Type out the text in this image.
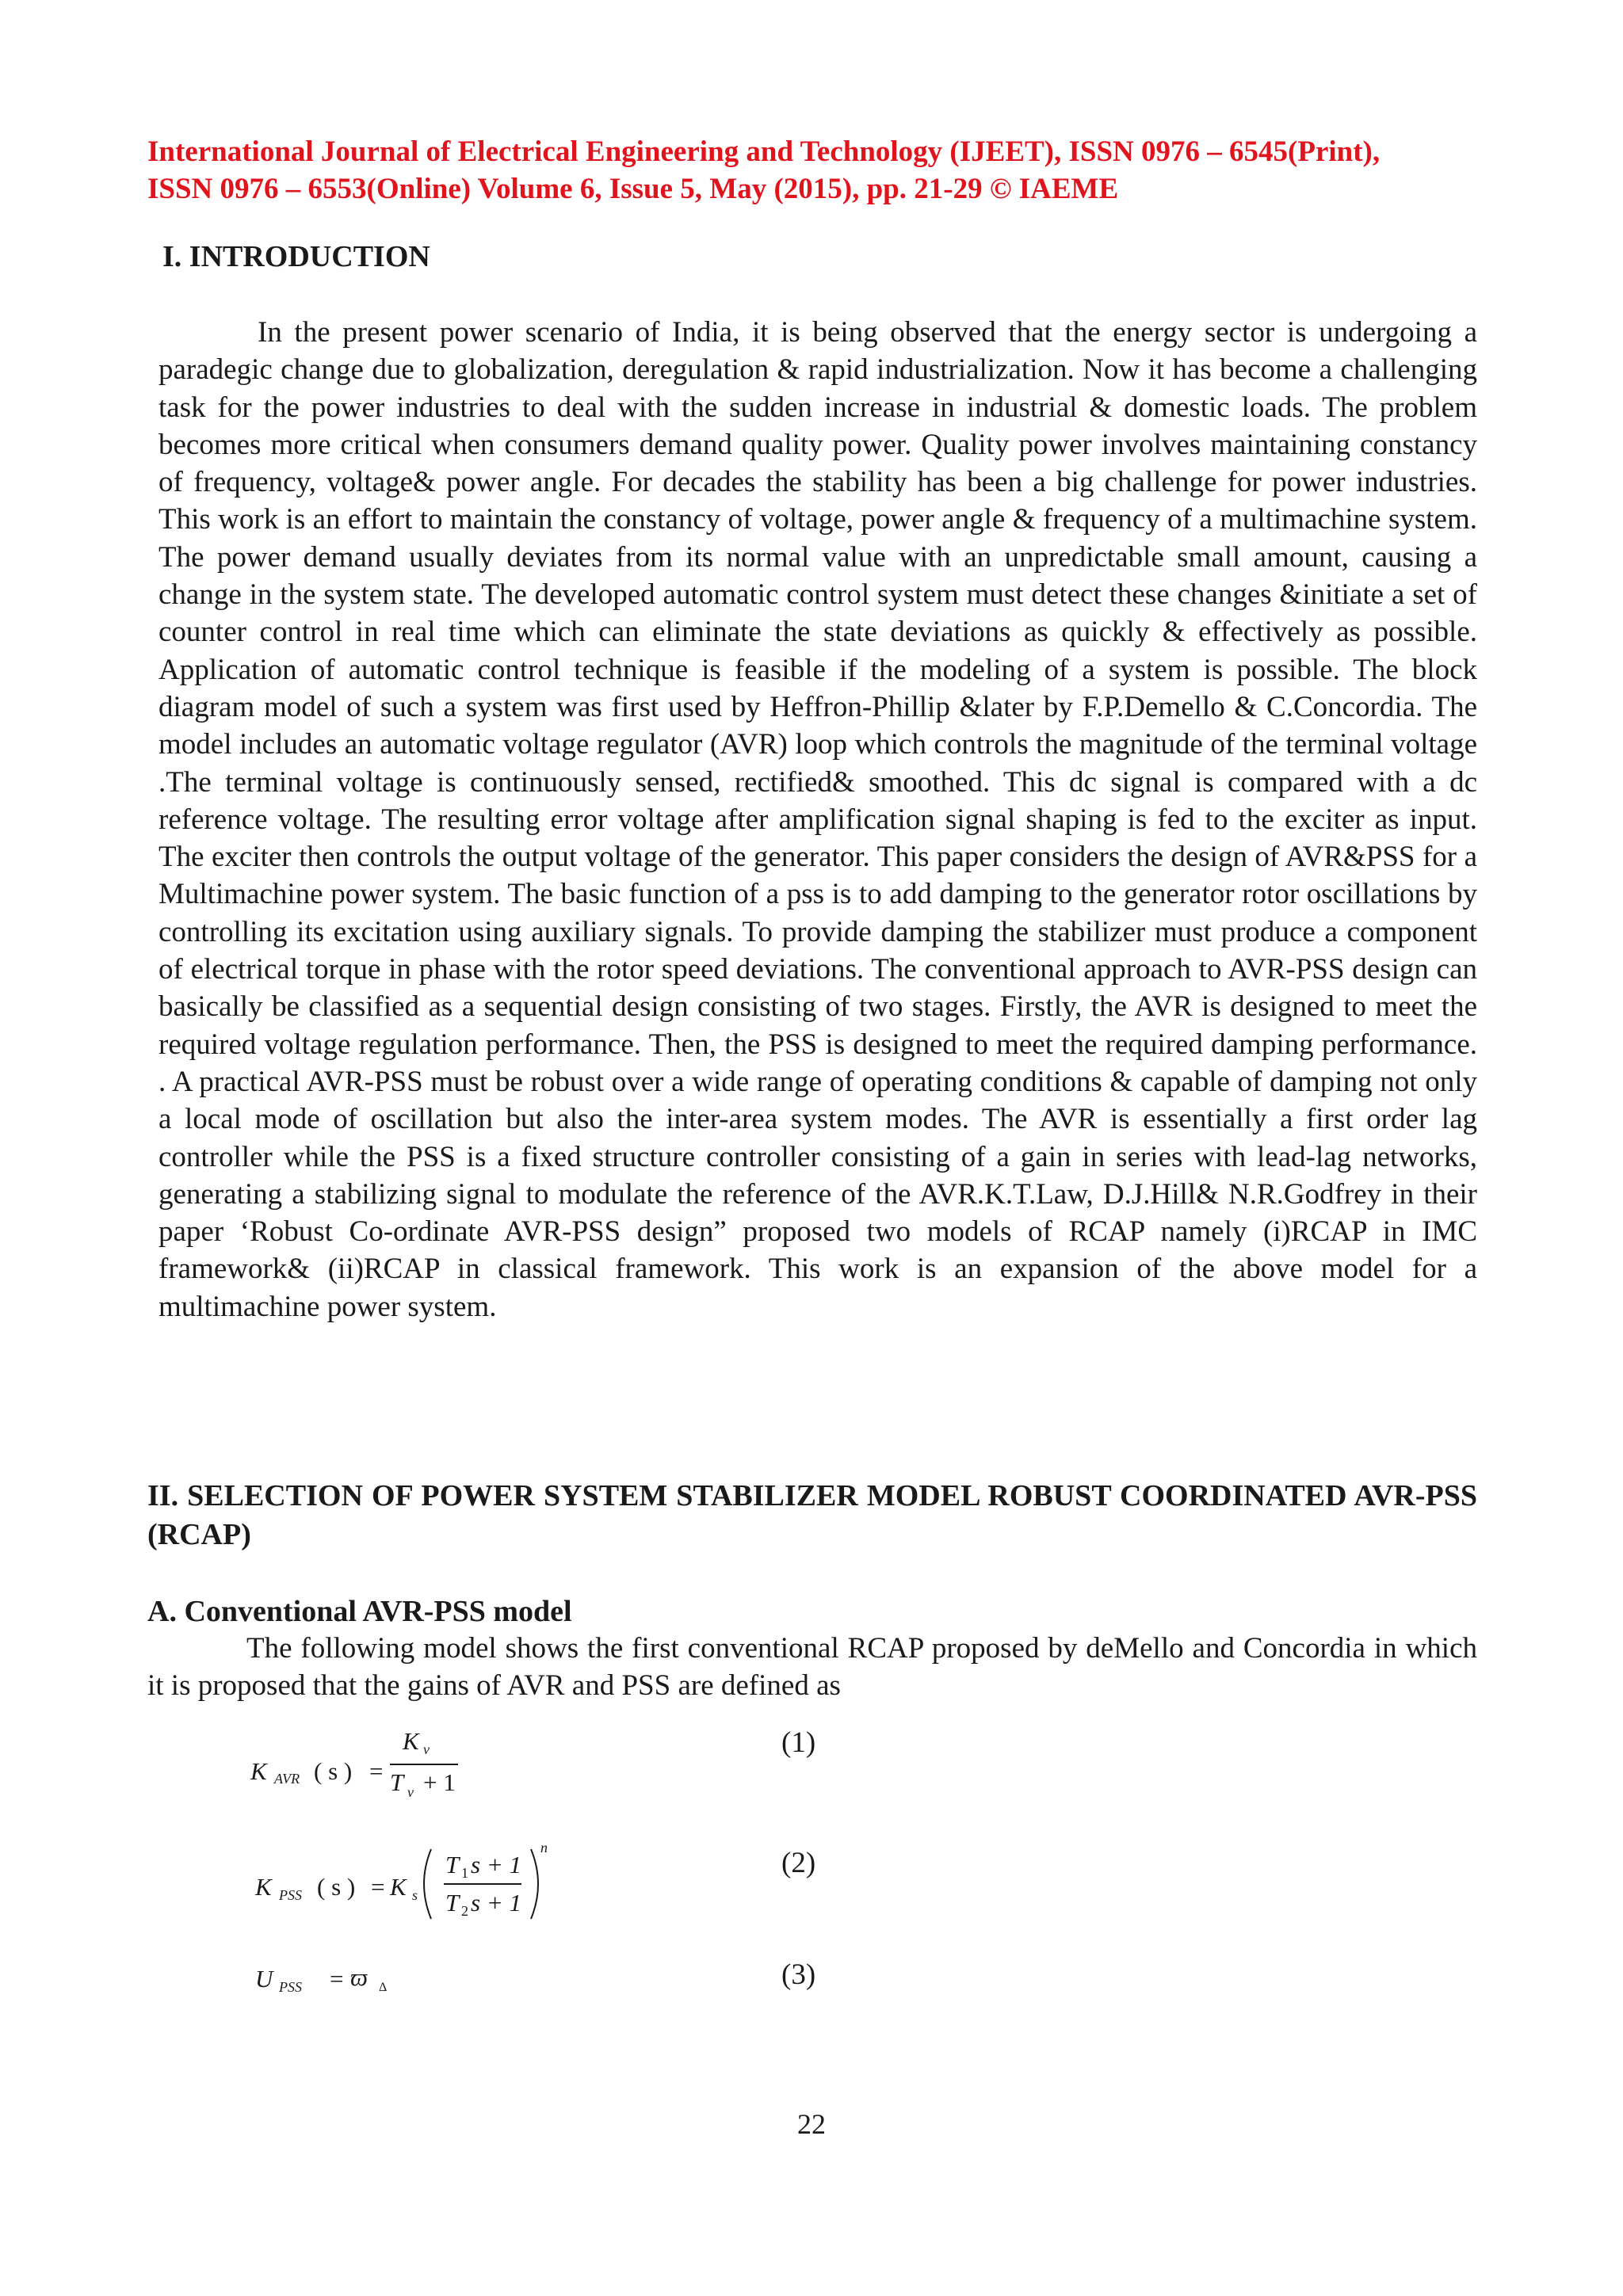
International Journal of Electrical Engineering and Technology (IJEET), ISSN 0976 – 6545(Print),
ISSN 0976 – 6553(Online) Volume 6, Issue 5, May (2015), pp. 21-29 © IAEME
I. INTRODUCTION

In the present power scenario of India, it is being observed that the energy sector is undergoing a paradegic change due to globalization, deregulation & rapid industrialization. Now it has become a challenging task for the power industries to deal with the sudden increase in industrial & domestic loads. The problem becomes more critical when consumers demand quality power. Quality power involves maintaining constancy of frequency, voltage& power angle. For decades the stability has been a big challenge for power industries. This work is an effort to maintain the constancy of voltage, power angle & frequency of a multimachine system. The power demand usually deviates from its normal value with an unpredictable small amount, causing a change in the system state. The developed automatic control system must detect these changes &initiate a set of counter control in real time which can eliminate the state deviations as quickly & effectively as possible. Application of automatic control technique is feasible if the modeling of a system is possible. The block diagram model of such a system was first used by Heffron-Phillip &later by F.P.Demello & C.Concordia. The model includes an automatic voltage regulator (AVR) loop which controls the magnitude of the terminal voltage .The terminal voltage is continuously sensed, rectified& smoothed. This dc signal is compared with a dc reference voltage. The resulting error voltage after amplification signal shaping is fed to the exciter as input. The exciter then controls the output voltage of the generator. This paper considers the design of AVR&PSS for a Multimachine power system. The basic function of a pss is to add damping to the generator rotor oscillations by controlling its excitation using auxiliary signals. To provide damping the stabilizer must produce a component of electrical torque in phase with the rotor speed deviations. The conventional approach to AVR-PSS design can basically be classified as a sequential design consisting of two stages. Firstly, the AVR is designed to meet the required voltage regulation performance. Then, the PSS is designed to meet the required damping performance. . A practical AVR-PSS must be robust over a wide range of operating conditions & capable of damping not only a local mode of oscillation but also the inter-area system modes. The AVR is essentially a first order lag controller while the PSS is a fixed structure controller consisting of a gain in series with lead-lag networks, generating a stabilizing signal to modulate the reference of the AVR.K.T.Law, D.J.Hill& N.R.Godfrey in their paper ‘Robust Co-ordinate AVR-PSS design” proposed two models of RCAP namely (i)RCAP in IMC framework& (ii)RCAP in classical framework. This work is an expansion of the above model for a multimachine power system.

II. SELECTION OF POWER SYSTEM STABILIZER MODEL ROBUST COORDINATED AVR-PSS (RCAP)
A. Conventional AVR-PSS model

The following model shows the first conventional RCAP proposed by deMello and Concordia in which it is proposed that the gains of AVR and PSS are defined as

K AVR ( s ) =
K v
T v + 1
(1)
K PSS ( s ) = K s
T 1 s + 1
T 2 s + 1
n	(2)
U PSS = ϖ Δ	(3)
22
